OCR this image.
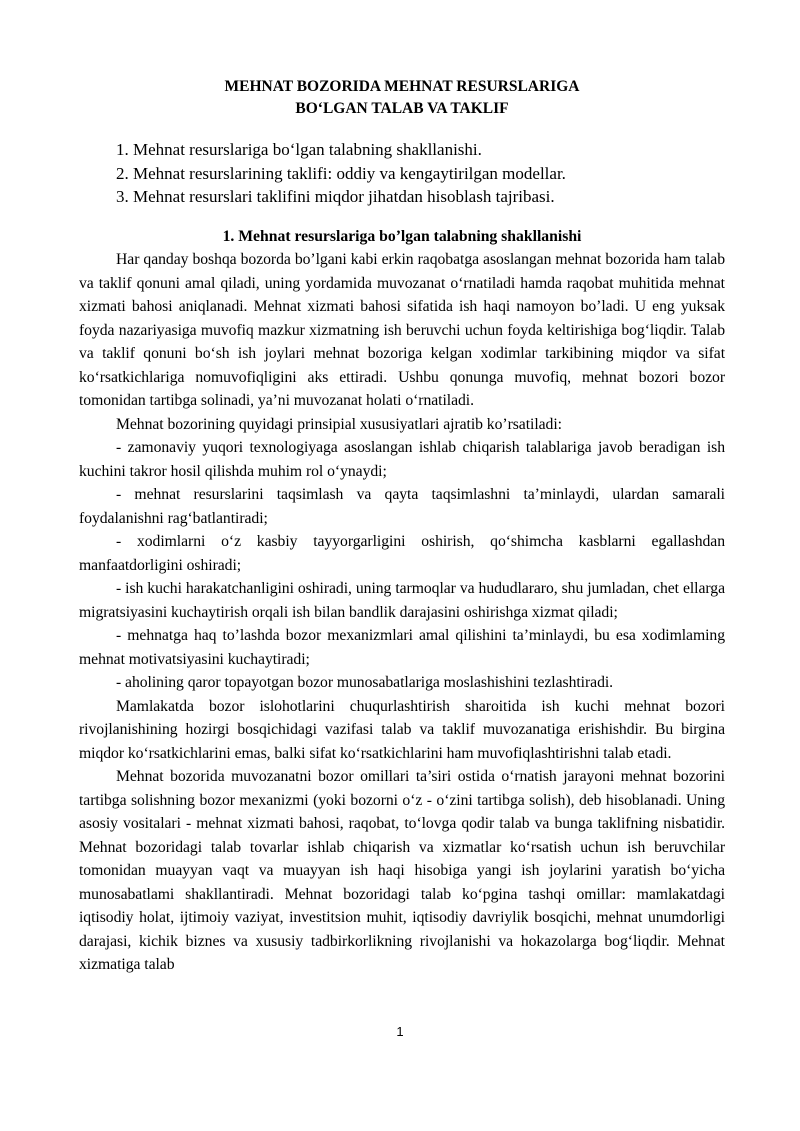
MEHNAT BOZORIDA MEHNAT RESURSLARIGA
BO‘LGAN TALAB VA TAKLIF
1. Mehnat resurslariga bo‘lgan talabning shakllanishi.
2. Mehnat resurslarining taklifi: oddiy va kengaytirilgan modellar.
3. Mehnat resurslari taklifini miqdor jihatdan hisoblash tajribasi.
1. Mehnat resurslariga bo’lgan talabning shakllanishi

Har qanday boshqa bozorda bo’lgani kabi erkin raqobatga asoslangan mehnat bozorida ham talab va taklif qonuni amal qiladi, uning yordamida muvozanat o‘rnatiladi hamda raqobat muhitida mehnat xizmati bahosi aniqlanadi. Mehnat xizmati bahosi sifatida ish haqi namoyon bo’ladi. U eng yuksak foyda nazariyasiga muvofiq mazkur xizmatning ish beruvchi uchun foyda keltirishiga bog‘liqdir. Talab va taklif qonuni bo‘sh ish joylari mehnat bozoriga kelgan xodimlar tarkibining miqdor va sifat ko‘rsatkichlariga nomuvofiqligini aks ettiradi. Ushbu qonunga muvofiq, mehnat bozori bozor tomonidan tartibga solinadi, ya’ni muvozanat holati o‘rnatiladi.

Mehnat bozorining quyidagi prinsipial xususiyatlari ajratib ko’rsatiladi:

- zamonaviy yuqori texnologiyaga asoslangan ishlab chiqarish talablariga javob beradigan ish kuchini takror hosil qilishda muhim rol o‘ynaydi;

- mehnat resurslarini taqsimlash va qayta taqsimlashni ta’minlaydi, ulardan samarali foydalanishni rag‘batlantiradi;

- xodimlarni o‘z kasbiy tayyorgarligini oshirish, qo‘shimcha kasblarni egallashdan manfaatdorligini oshiradi;

- ish kuchi harakatchanligini oshiradi, uning tarmoqlar va hududlararo, shu jumladan, chet ellarga migratsiyasini kuchaytirish orqali ish bilan bandlik darajasini oshirishga xizmat qiladi;

- mehnatga haq to’lashda bozor mexanizmlari amal qilishini ta’minlaydi, bu esa xodimlaming mehnat motivatsiyasini kuchaytiradi;

- aholining qaror topayotgan bozor munosabatlariga moslashishini tezlashtiradi.

Mamlakatda bozor islohotlarini chuqurlashtirish sharoitida ish kuchi mehnat bozori rivojlanishining hozirgi bosqichidagi vazifasi talab va taklif muvozanatiga erishishdir. Bu birgina miqdor ko‘rsatkichlarini emas, balki sifat ko‘rsatkichlarini ham muvofiqlashtirishni talab etadi.

Mehnat bozorida muvozanatni bozor omillari ta’siri ostida o‘rnatish jarayoni mehnat bozorini tartibga solishning bozor mexanizmi (yoki bozorni o‘z - o‘zini tartibga solish), deb hisoblanadi. Uning asosiy vositalari - mehnat xizmati bahosi, raqobat, to‘lovga qodir talab va bunga taklifning nisbatidir. Mehnat bozoridagi talab tovarlar ishlab chiqarish va xizmatlar ko‘rsatish uchun ish beruvchilar tomonidan muayyan vaqt va muayyan ish haqi hisobiga yangi ish joylarini yaratish bo‘yicha munosabatlami shakllantiradi. Mehnat bozoridagi talab ko‘pgina tashqi omillar: mamlakatdagi iqtisodiy holat, ijtimoiy vaziyat, investitsion muhit, iqtisodiy davriylik bosqichi, mehnat unumdorligi darajasi, kichik biznes va xususiy tadbirkorlikning rivojlanishi va hokazolarga bog‘liqdir. Mehnat xizmatiga talab

1
